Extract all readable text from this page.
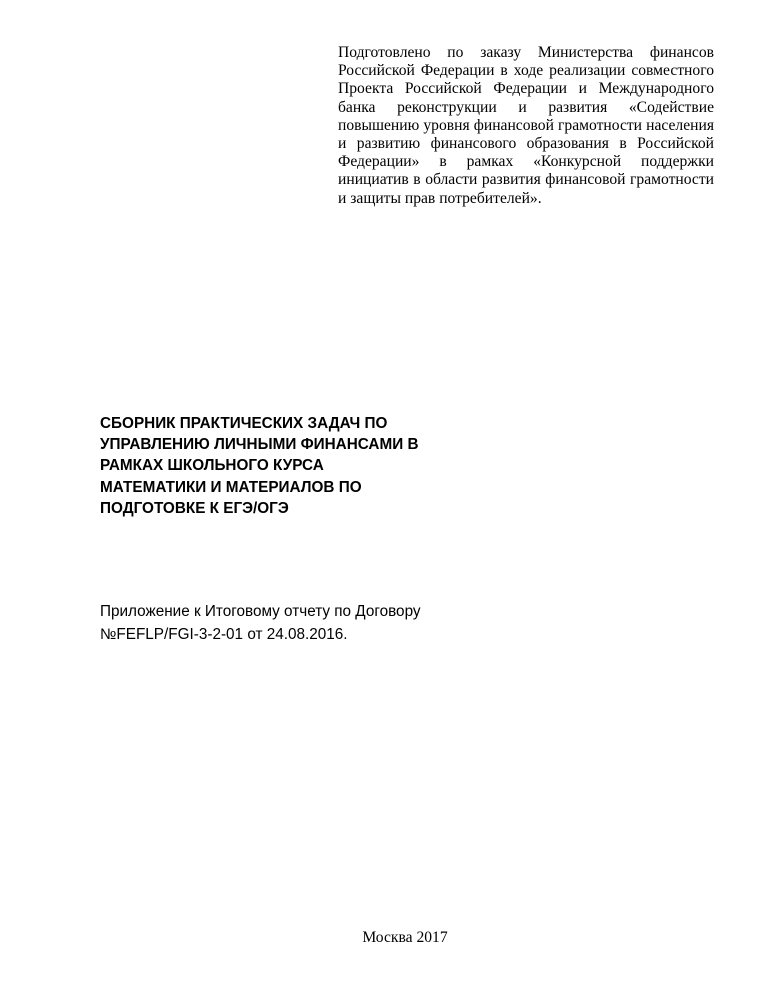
Подготовлено по заказу Министерства финансов
Российской Федерации в ходе реализации совместного
Проекта Российской Федерации и Международного
банка реконструкции и развития «Содействие
повышению уровня финансовой грамотности населения
и развитию финансового образования в Российской
Федерации» в рамках «Конкурсной поддержки
инициатив в области развития финансовой грамотности
и защиты прав потребителей».
СБОРНИК ПРАКТИЧЕСКИХ ЗАДАЧ ПО
УПРАВЛЕНИЮ ЛИЧНЫМИ ФИНАНСАМИ В
РАМКАХ ШКОЛЬНОГО КУРСА
МАТЕМАТИКИ И МАТЕРИАЛОВ ПО
ПОДГОТОВКЕ К ЕГЭ/ОГЭ
Приложение к Итоговому отчету по Договору
№FEFLP/FGI-3-2-01 от 24.08.2016.
Москва 2017
